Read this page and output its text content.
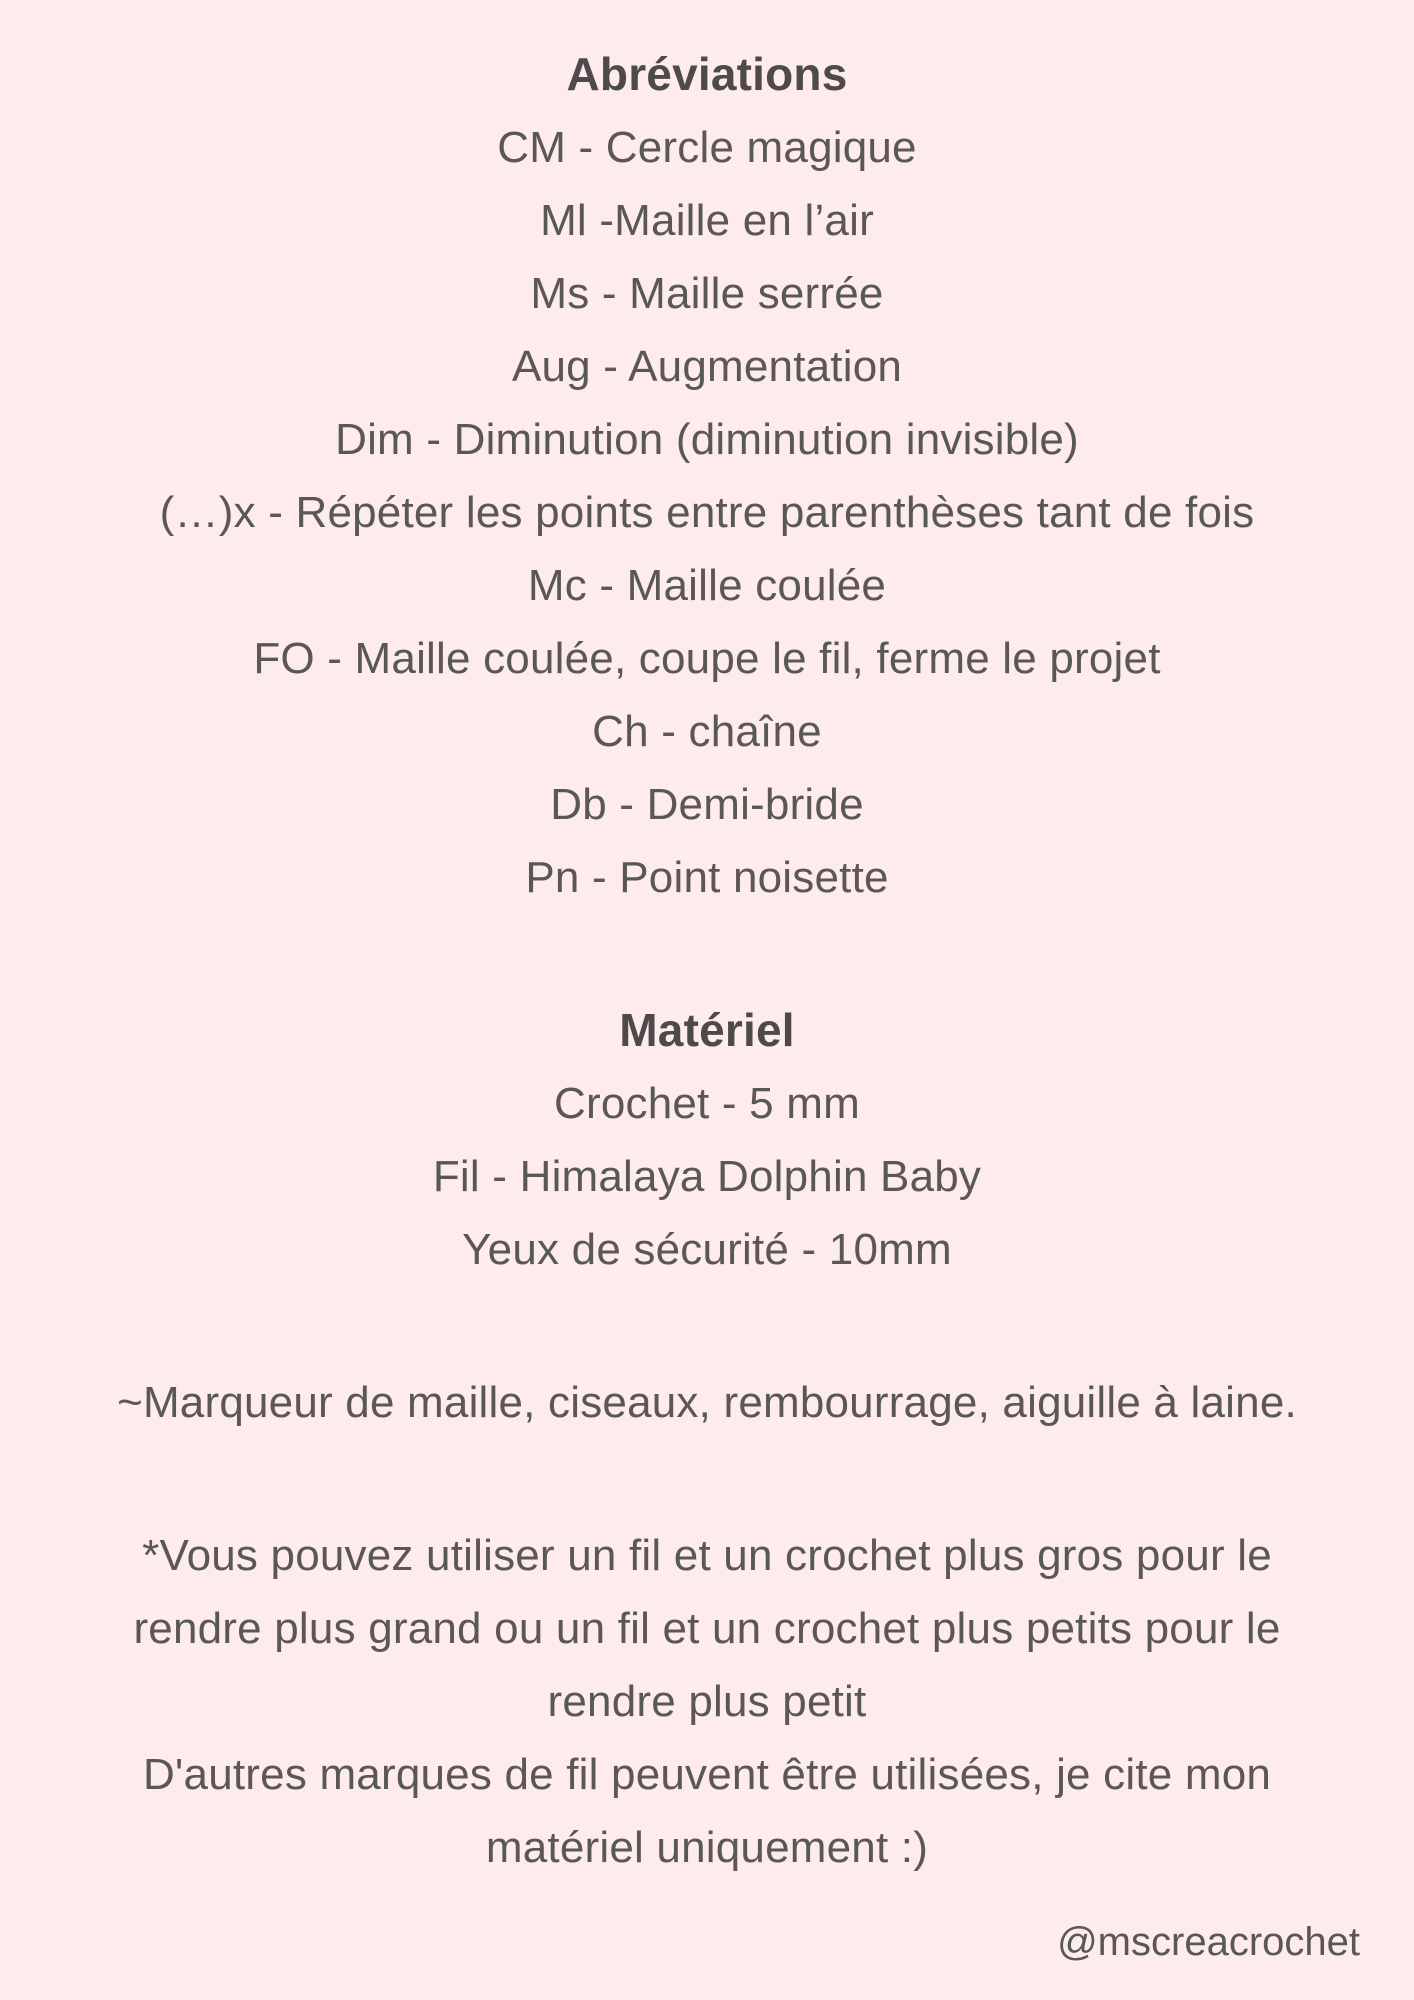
Abréviations
CM - Cercle magique
Ml -Maille en l’air
Ms - Maille serrée
Aug - Augmentation
Dim - Diminution (diminution invisible)
(…)x - Répéter les points entre parenthèses tant de fois
Mc - Maille coulée
FO - Maille coulée, coupe le fil, ferme le projet
Ch - chaîne
Db - Demi-bride
Pn - Point noisette
Matériel
Crochet - 5 mm
Fil - Himalaya Dolphin Baby
Yeux de sécurité - 10mm
~Marqueur de maille, ciseaux, rembourrage, aiguille à laine.
*Vous pouvez utiliser un fil et un crochet plus gros pour le
rendre plus grand ou un fil et un crochet plus petits pour le
rendre plus petit
D'autres marques de fil peuvent être utilisées, je cite mon
matériel uniquement :)
@mscreacrochet
